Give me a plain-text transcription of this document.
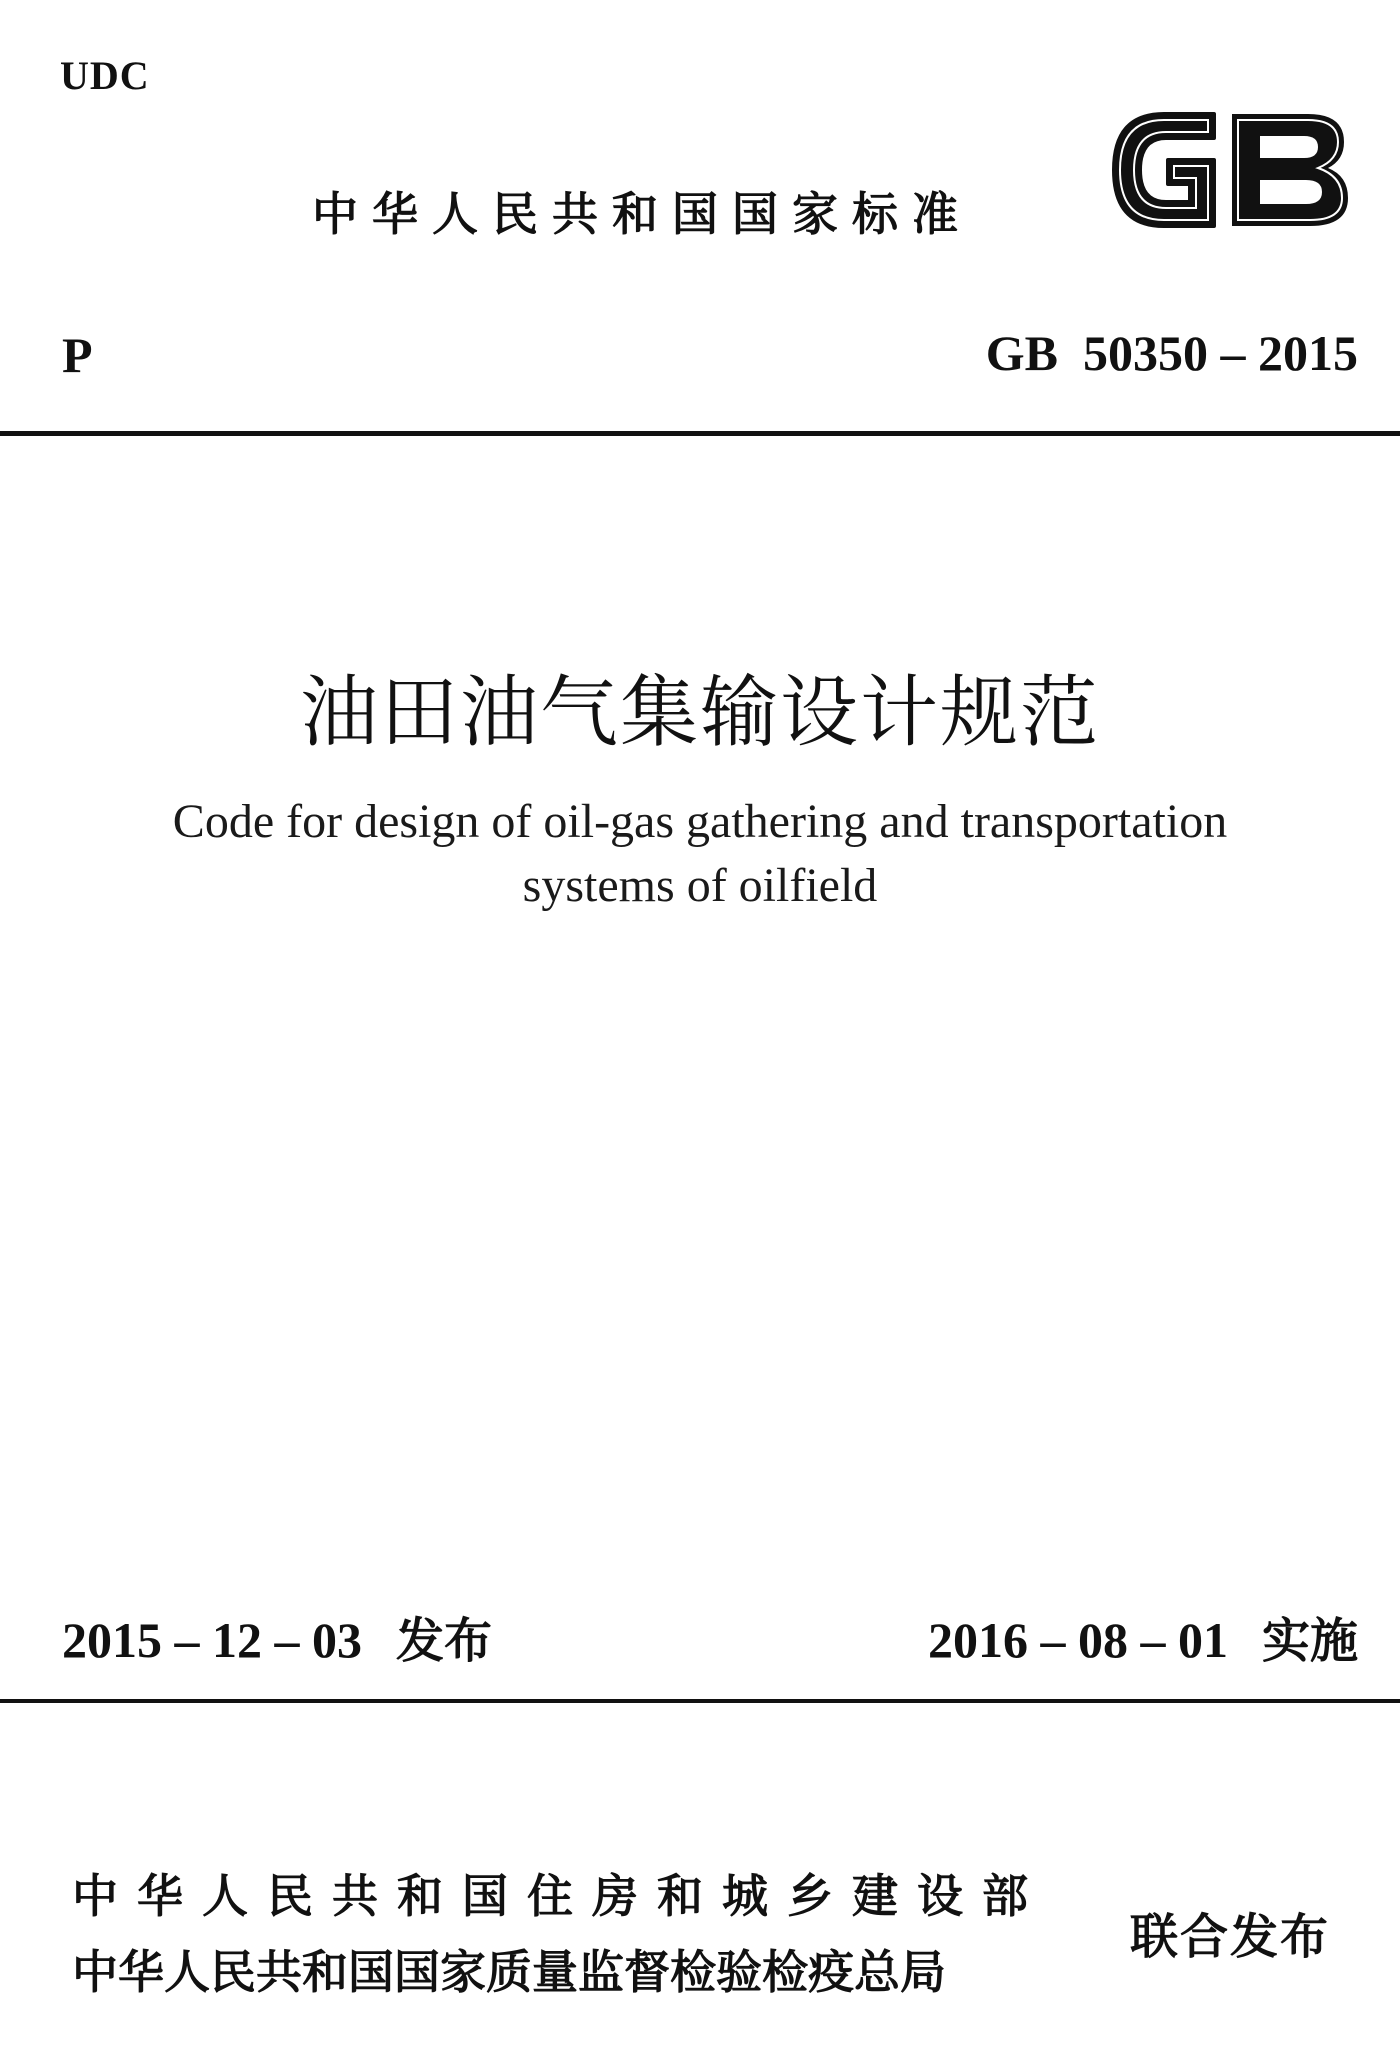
UDC
中华人民共和国国家标准
P	GB  50350 – 2015
油田油气集输设计规范
Code for design of oil-gas gathering and transportation
systems of oilfield
2015 – 12 – 03 发布	2016 – 08 – 01 实施
中华人民共和国住房和城乡建设部
中华人民共和国国家质量监督检验检疫总局
联合发布
